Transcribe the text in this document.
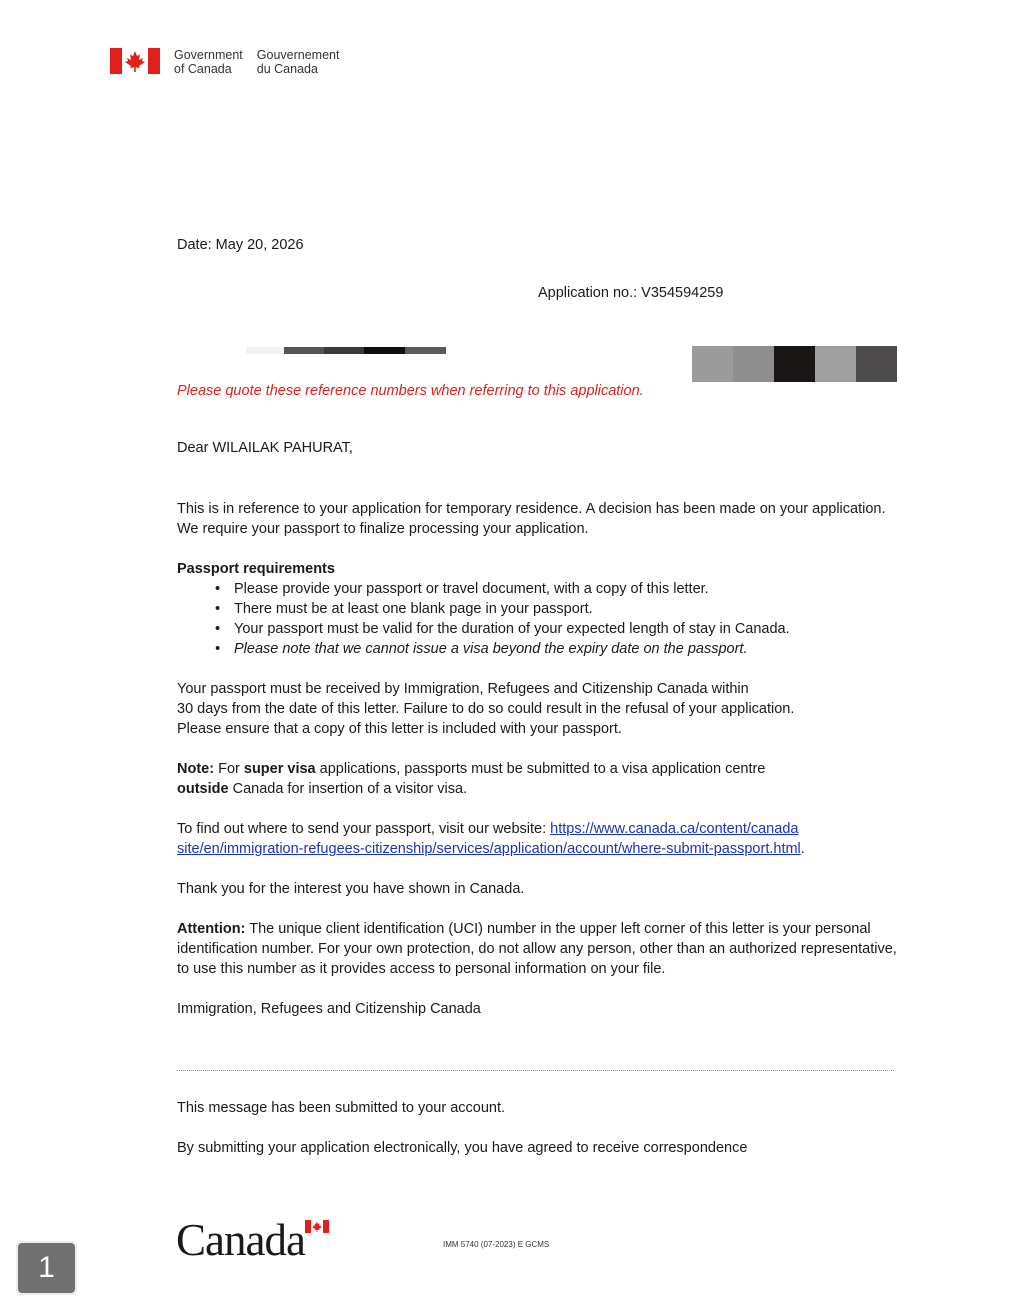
Government
of Canada
Gouvernement
du Canada
Date: May 20, 2026
Application no.: V354594259
Please quote these reference numbers when referring to this application.
Dear WILAILAK PAHURAT,

This is in reference to your application for temporary residence. A decision has been made on your application. We require your passport to finalize processing your application.

Passport requirements
• Please provide your passport or travel document, with a copy of this letter.
• There must be at least one blank page in your passport.
• Your passport must be valid for the duration of your expected length of stay in Canada.
• Please note that we cannot issue a visa beyond the expiry date on the passport.

Your passport must be received by Immigration, Refugees and Citizenship Canada within
30 days from the date of this letter. Failure to do so could result in the refusal of your application.
Please ensure that a copy of this letter is included with your passport.

Note: For super visa applications, passports must be submitted to a visa application centre
outside Canada for insertion of a visitor visa.

To find out where to send your passport, visit our website: https://www.canada.ca/content/canada
site/en/immigration-refugees-citizenship/services/application/account/where-submit-passport.html.

Thank you for the interest you have shown in Canada.

Attention: The unique client identification (UCI) number in the upper left corner of this letter is your personal identification number. For your own protection, do not allow any person, other than an authorized representative, to use this number as it provides access to personal information on your file.

Immigration, Refugees and Citizenship Canada

This message has been submitted to your account.
By submitting your application electronically, you have agreed to receive correspondence
Canada	IMM 5740 (07-2023) E GCMS
1
